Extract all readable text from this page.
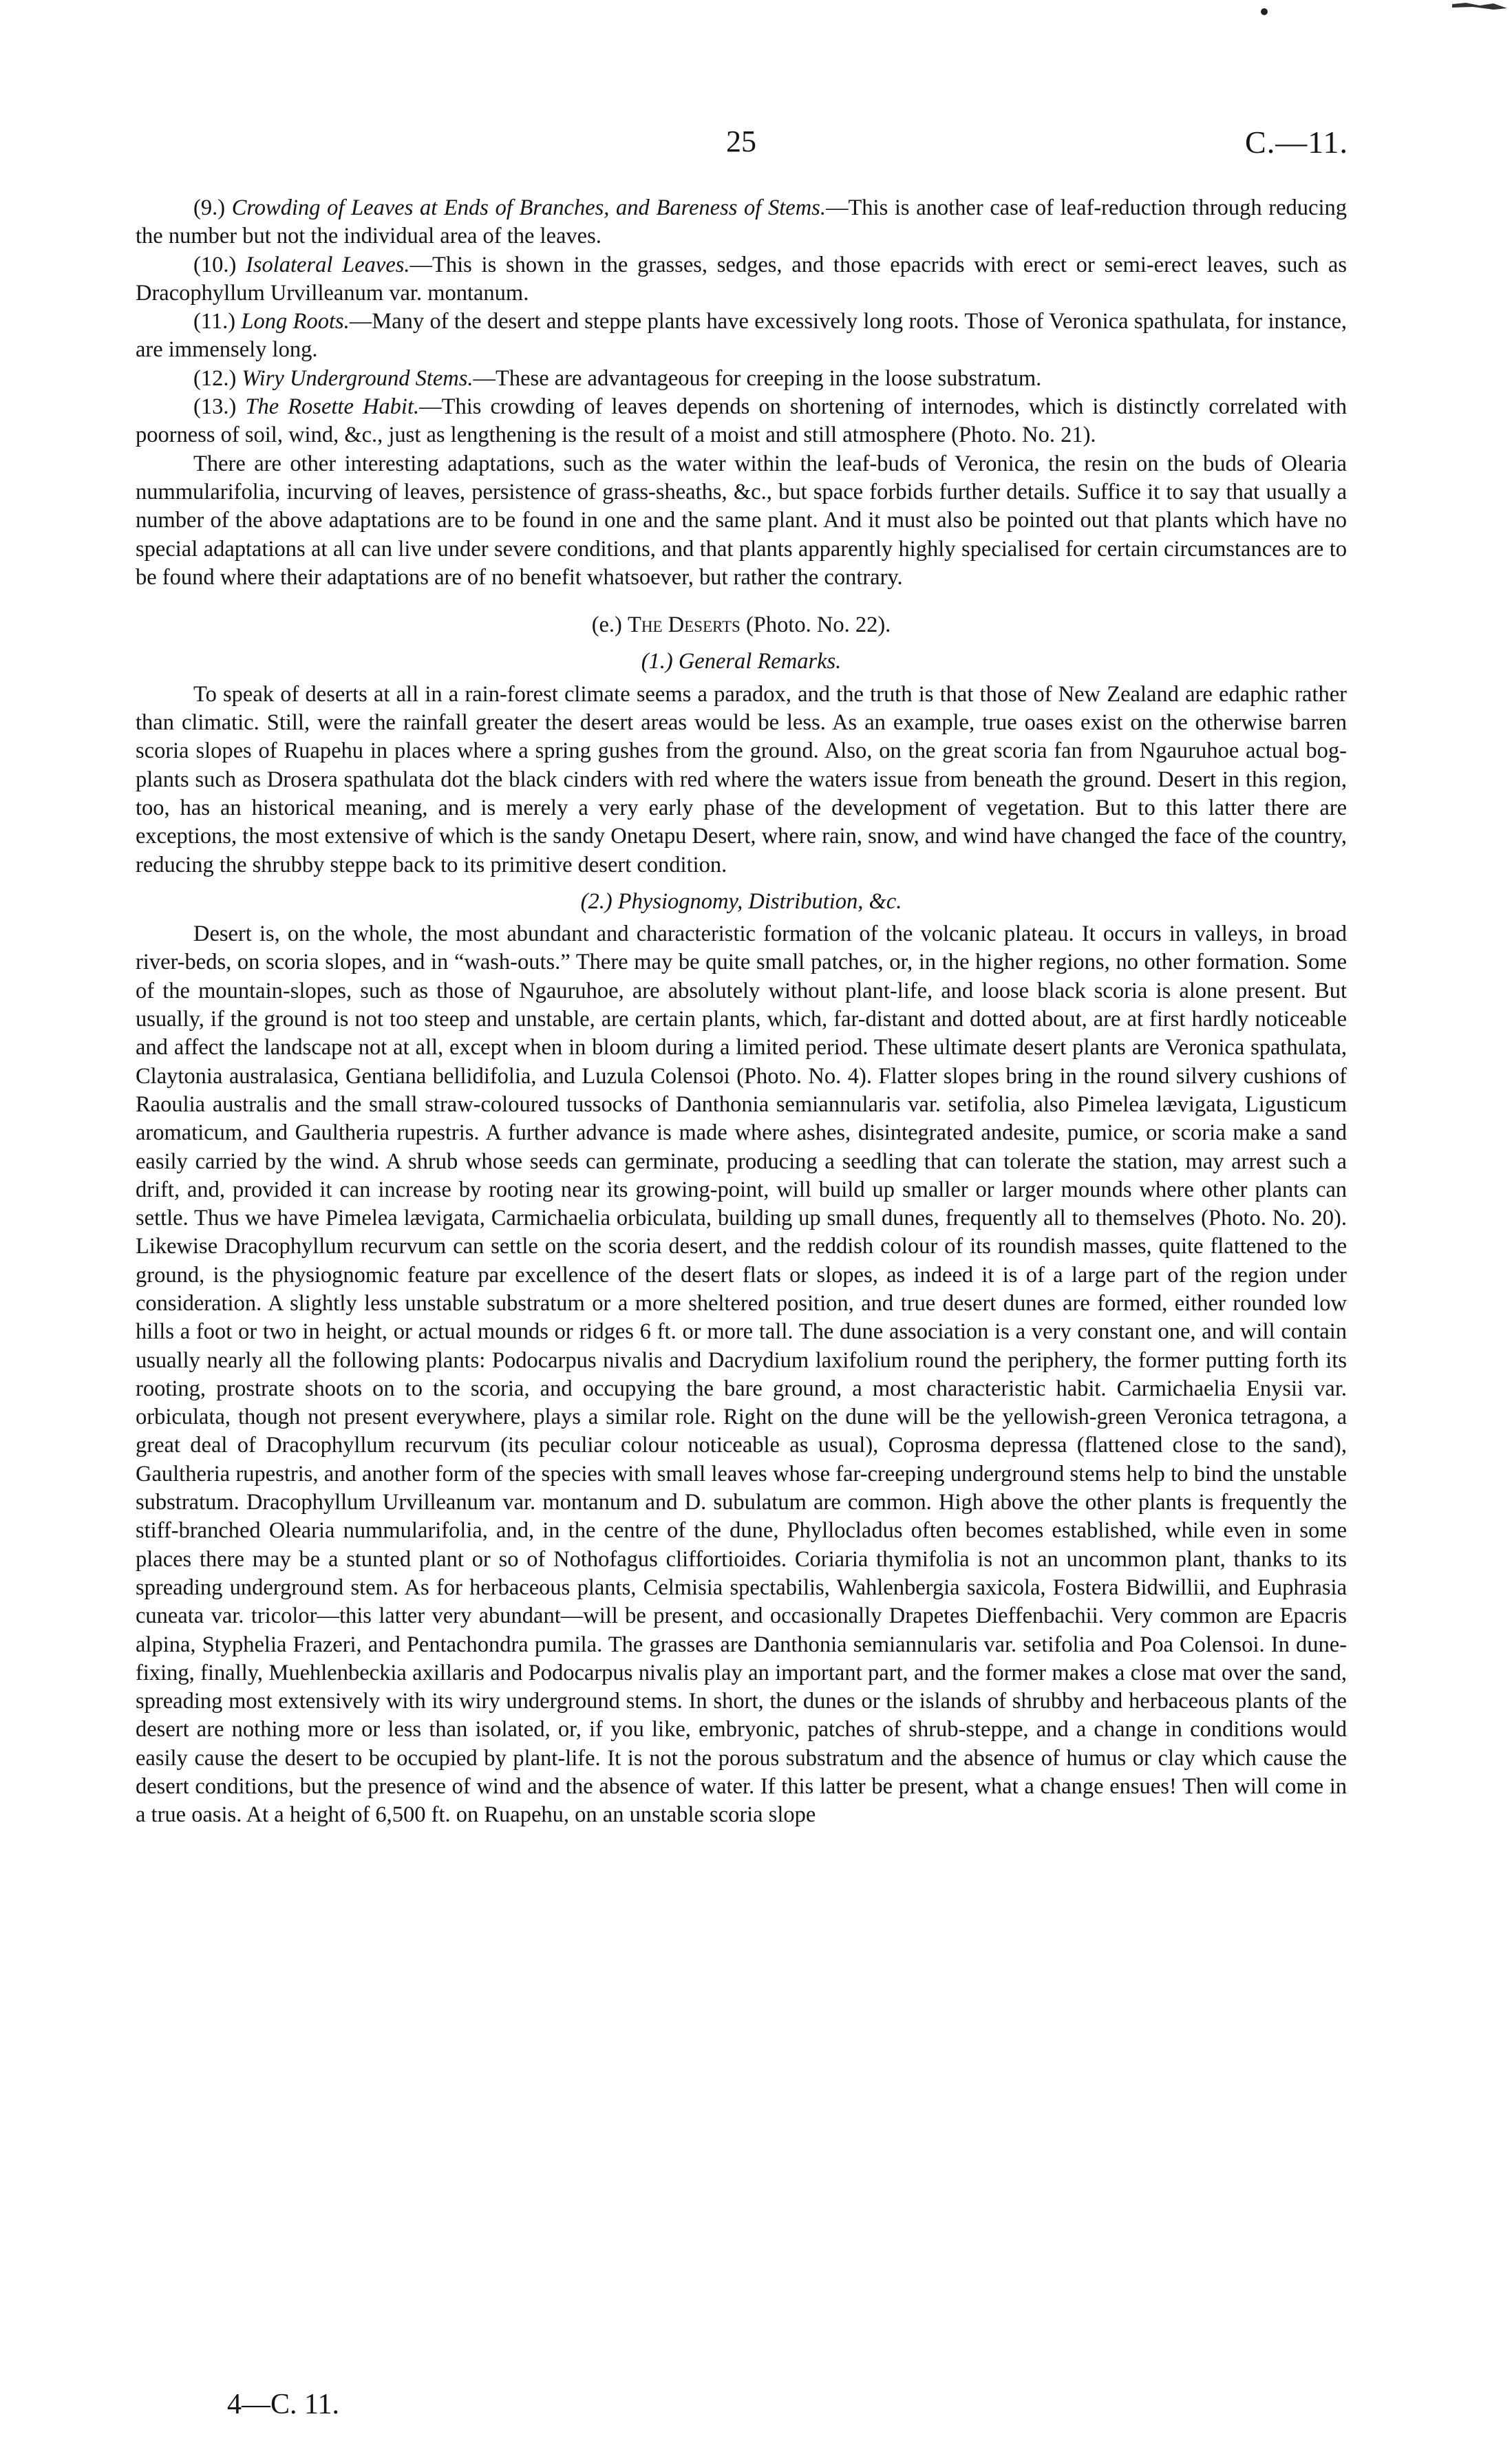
25	C.—11.

(9.) Crowding of Leaves at Ends of Branches, and Bareness of Stems.—This is another case of leaf-reduction through reducing the number but not the individual area of the leaves.

(10.) Isolateral Leaves.—This is shown in the grasses, sedges, and those epacrids with erect or semi-erect leaves, such as Dracophyllum Urvilleanum var. montanum.

(11.) Long Roots.—Many of the desert and steppe plants have excessively long roots. Those of Veronica spathulata, for instance, are immensely long.

(12.) Wiry Underground Stems.—These are advantageous for creeping in the loose substratum.

(13.) The Rosette Habit.—This crowding of leaves depends on shortening of internodes, which is distinctly correlated with poorness of soil, wind, &c., just as lengthening is the result of a moist and still atmosphere (Photo. No. 21).

There are other interesting adaptations, such as the water within the leaf-buds of Veronica, the resin on the buds of Olearia nummularifolia, incurving of leaves, persistence of grass-sheaths, &c., but space forbids further details. Suffice it to say that usually a number of the above adaptations are to be found in one and the same plant. And it must also be pointed out that plants which have no special adaptations at all can live under severe conditions, and that plants apparently highly specialised for certain circumstances are to be found where their adaptations are of no benefit whatsoever, but rather the contrary.

(e.) The Deserts (Photo. No. 22).

(1.) General Remarks.

To speak of deserts at all in a rain-forest climate seems a paradox, and the truth is that those of New Zealand are edaphic rather than climatic. Still, were the rainfall greater the desert areas would be less. As an example, true oases exist on the otherwise barren scoria slopes of Ruapehu in places where a spring gushes from the ground. Also, on the great scoria fan from Ngauruhoe actual bog-plants such as Drosera spathulata dot the black cinders with red where the waters issue from beneath the ground. Desert in this region, too, has an historical meaning, and is merely a very early phase of the development of vegetation. But to this latter there are exceptions, the most extensive of which is the sandy Onetapu Desert, where rain, snow, and wind have changed the face of the country, reducing the shrubby steppe back to its primitive desert condition.

(2.) Physiognomy, Distribution, &c.

Desert is, on the whole, the most abundant and characteristic formation of the volcanic plateau. It occurs in valleys, in broad river-beds, on scoria slopes, and in “wash-outs.” There may be quite small patches, or, in the higher regions, no other formation. Some of the mountain-slopes, such as those of Ngauruhoe, are absolutely without plant-life, and loose black scoria is alone present. But usually, if the ground is not too steep and unstable, are certain plants, which, far-distant and dotted about, are at first hardly noticeable and affect the landscape not at all, except when in bloom during a limited period. These ultimate desert plants are Veronica spathulata, Claytonia australasica, Gentiana bellidifolia, and Luzula Colensoi (Photo. No. 4). Flatter slopes bring in the round silvery cushions of Raoulia australis and the small straw-coloured tussocks of Danthonia semiannularis var. setifolia, also Pimelea lævigata, Ligusticum aromaticum, and Gaultheria rupestris. A further advance is made where ashes, disintegrated andesite, pumice, or scoria make a sand easily carried by the wind. A shrub whose seeds can germinate, producing a seedling that can tolerate the station, may arrest such a drift, and, provided it can increase by rooting near its growing-point, will build up smaller or larger mounds where other plants can settle. Thus we have Pimelea lævigata, Carmichaelia orbiculata, building up small dunes, frequently all to themselves (Photo. No. 20). Likewise Dracophyllum recurvum can settle on the scoria desert, and the reddish colour of its roundish masses, quite flattened to the ground, is the physiognomic feature par excellence of the desert flats or slopes, as indeed it is of a large part of the region under consideration. A slightly less unstable substratum or a more sheltered position, and true desert dunes are formed, either rounded low hills a foot or two in height, or actual mounds or ridges 6 ft. or more tall. The dune association is a very constant one, and will contain usually nearly all the following plants: Podocarpus nivalis and Dacrydium laxifolium round the periphery, the former putting forth its rooting, prostrate shoots on to the scoria, and occupying the bare ground, a most characteristic habit. Carmichaelia Enysii var. orbiculata, though not present everywhere, plays a similar role. Right on the dune will be the yellowish-green Veronica tetragona, a great deal of Dracophyllum recurvum (its peculiar colour noticeable as usual), Coprosma depressa (flattened close to the sand), Gaultheria rupestris, and another form of the species with small leaves whose far-creeping underground stems help to bind the unstable substratum. Dracophyllum Urvilleanum var. montanum and D. subulatum are common. High above the other plants is frequently the stiff-branched Olearia nummularifolia, and, in the centre of the dune, Phyllocladus often becomes established, while even in some places there may be a stunted plant or so of Nothofagus cliffortioides. Coriaria thymifolia is not an uncommon plant, thanks to its spreading underground stem. As for herbaceous plants, Celmisia spectabilis, Wahlenbergia saxicola, Fostera Bidwillii, and Euphrasia cuneata var. tricolor—this latter very abundant—will be present, and occasionally Drapetes Dieffenbachii. Very common are Epacris alpina, Styphelia Frazeri, and Pentachondra pumila. The grasses are Danthonia semiannularis var. setifolia and Poa Colensoi. In dune-fixing, finally, Muehlenbeckia axillaris and Podocarpus nivalis play an important part, and the former makes a close mat over the sand, spreading most extensively with its wiry underground stems. In short, the dunes or the islands of shrubby and herbaceous plants of the desert are nothing more or less than isolated, or, if you like, embryonic, patches of shrub-steppe, and a change in conditions would easily cause the desert to be occupied by plant-life. It is not the porous substratum and the absence of humus or clay which cause the desert conditions, but the presence of wind and the absence of water. If this latter be present, what a change ensues! Then will come in a true oasis. At a height of 6,500 ft. on Ruapehu, on an unstable scoria slope

4—C. 11.
